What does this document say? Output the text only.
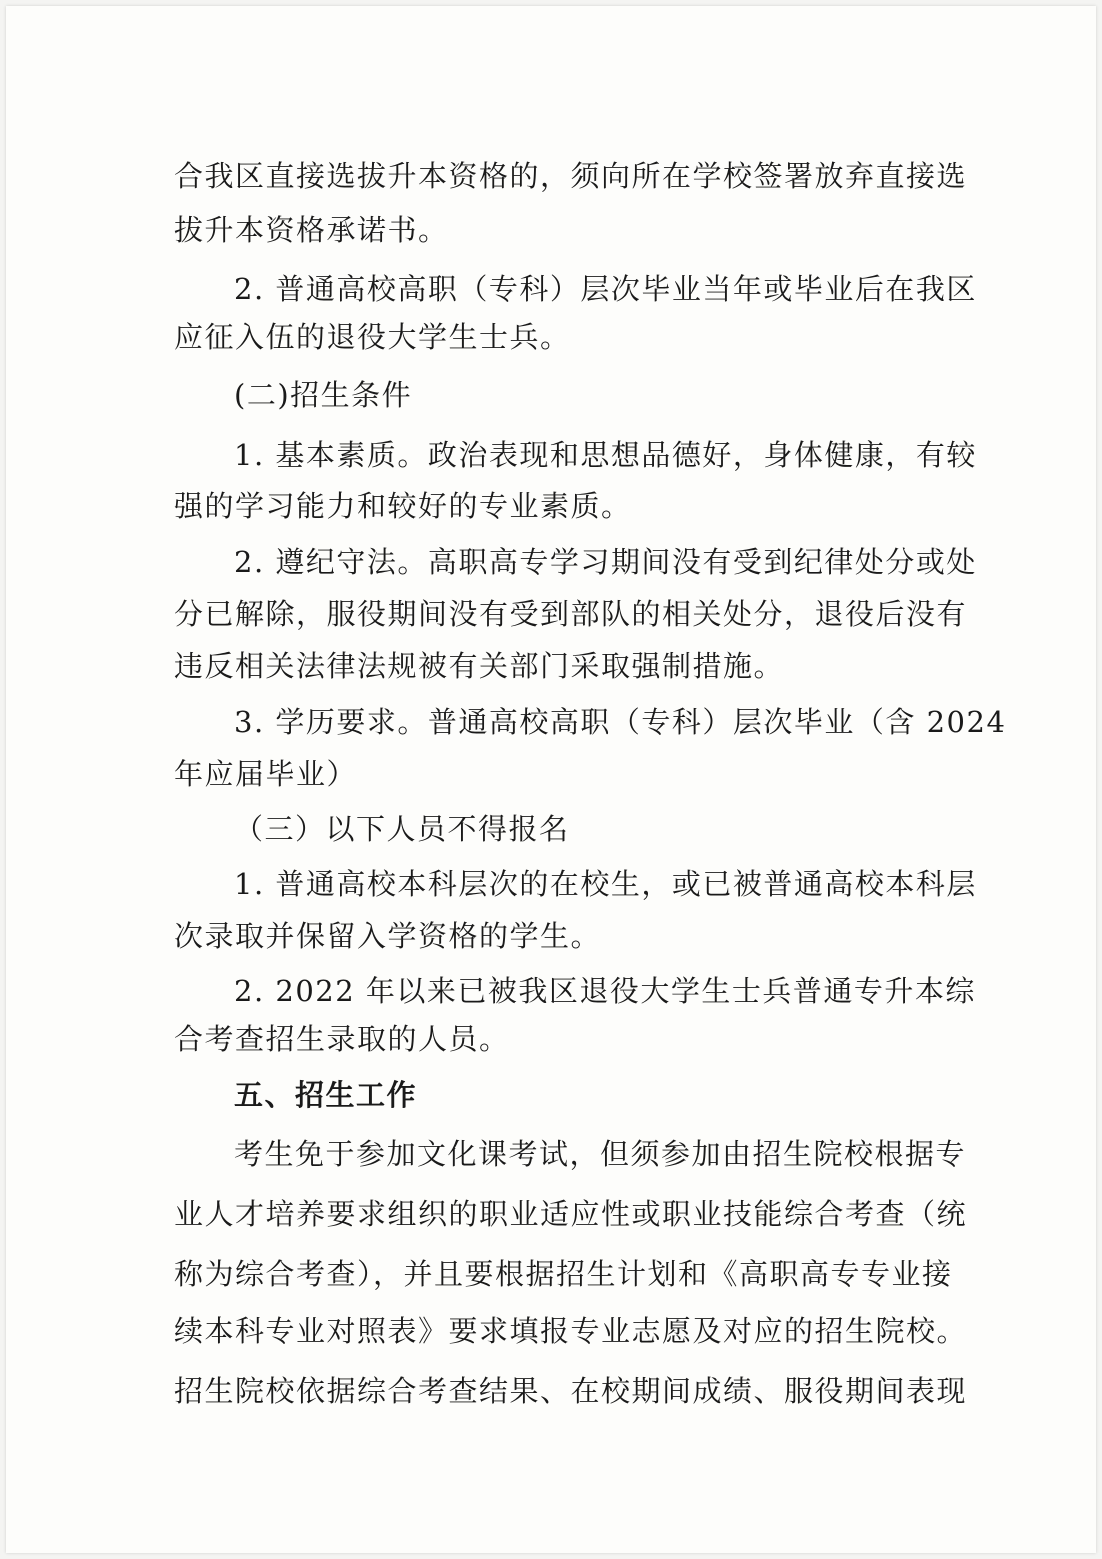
合我区直接选拔升本资格的，须向所在学校签署放弃直接选
拔升本资格承诺书。
2. 普通高校高职（专科）层次毕业当年或毕业后在我区
应征入伍的退役大学生士兵。
(二)招生条件
1. 基本素质。政治表现和思想品德好，身体健康，有较
强的学习能力和较好的专业素质。
2. 遵纪守法。高职高专学习期间没有受到纪律处分或处
分已解除，服役期间没有受到部队的相关处分，退役后没有
违反相关法律法规被有关部门采取强制措施。
3. 学历要求。普通高校高职（专科）层次毕业（含 2024
年应届毕业）
（三）以下人员不得报名
1. 普通高校本科层次的在校生，或已被普通高校本科层
次录取并保留入学资格的学生。
2. 2022 年以来已被我区退役大学生士兵普通专升本综
合考查招生录取的人员。
五、招生工作
考生免于参加文化课考试，但须参加由招生院校根据专
业人才培养要求组织的职业适应性或职业技能综合考查（统
称为综合考查），并且要根据招生计划和《高职高专专业接
续本科专业对照表》要求填报专业志愿及对应的招生院校。
招生院校依据综合考查结果、在校期间成绩、服役期间表现
